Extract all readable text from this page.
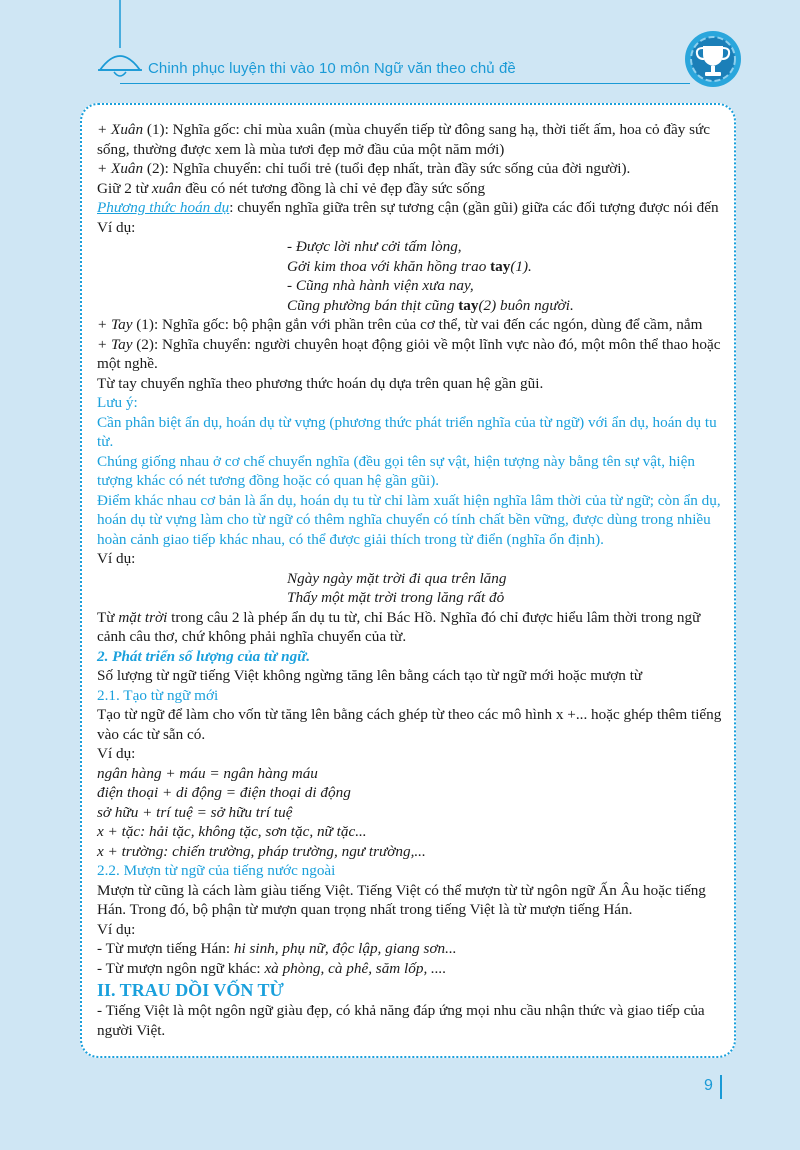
Chinh phục luyện thi vào 10 môn Ngữ văn theo chủ đề

+ Xuân (1): Nghĩa gốc: chỉ mùa xuân (mùa chuyển tiếp từ đông sang hạ, thời tiết ấm, hoa cỏ đầy sức sống, thường được xem là mùa tươi đẹp mở đầu của một năm mới)

+ Xuân (2): Nghĩa chuyển: chỉ tuổi trẻ (tuổi đẹp nhất, tràn đầy sức sống của đời người).

Giữ 2 từ xuân đều có nét tương đồng là chỉ vẻ đẹp đầy sức sống

Phương thức hoán dụ: chuyển nghĩa giữa trên sự tương cận (gần gũi) giữa các đối tượng được nói đến

Ví dụ:

- Được lời như cởi tấm lòng,

Gởi kim thoa với khăn hồng trao tay(1).

- Cũng nhà hành viện xưa nay,

Cũng phường bán thịt cũng tay(2) buôn người.

+ Tay (1): Nghĩa gốc: bộ phận gắn với phần trên của cơ thể, từ vai đến các ngón, dùng để cầm, nắm

+ Tay (2): Nghĩa chuyển: người chuyên hoạt động giỏi về một lĩnh vực nào đó, một môn thể thao hoặc một nghề.

Từ tay chuyển nghĩa theo phương thức hoán dụ dựa trên quan hệ gần gũi.

Lưu ý:

Cần phân biệt ẩn dụ, hoán dụ từ vựng (phương thức phát triển nghĩa của từ ngữ) với ẩn dụ, hoán dụ tu từ.

Chúng giống nhau ở cơ chế chuyển nghĩa (đều gọi tên sự vật, hiện tượng này bằng tên sự vật, hiện tượng khác có nét tương đồng hoặc có quan hệ gần gũi).

Điểm khác nhau cơ bản là ẩn dụ, hoán dụ tu từ chỉ làm xuất hiện nghĩa lâm thời của từ ngữ; còn ẩn dụ, hoán dụ từ vựng làm cho từ ngữ có thêm nghĩa chuyển có tính chất bền vững, được dùng trong nhiều hoàn cảnh giao tiếp khác nhau, có thể được giải thích trong từ điển (nghĩa ổn định).

Ví dụ:

Ngày ngày mặt trời đi qua trên lăng

Thấy một mặt trời trong lăng rất đỏ

Từ mặt trời trong câu 2 là phép ẩn dụ tu từ, chỉ Bác Hồ. Nghĩa đó chỉ được hiểu lâm thời trong ngữ cảnh câu thơ, chứ không phải nghĩa chuyển của từ.

2. Phát triển số lượng của từ ngữ.

Số lượng từ ngữ tiếng Việt không ngừng tăng lên bằng cách tạo từ ngữ mới hoặc mượn từ

2.1. Tạo từ ngữ mới

Tạo từ ngữ để làm cho vốn từ tăng lên bằng cách ghép từ theo các mô hình x +... hoặc ghép thêm tiếng vào các từ sẵn có.

Ví dụ:

ngân hàng + máu = ngân hàng máu

điện thoại + di động = điện thoại di động

sở hữu + trí tuệ = sở hữu trí tuệ

x + tặc: hải tặc, không tặc, sơn tặc, nữ tặc...

x + trường: chiến trường, pháp trường, ngư trường,...

2.2. Mượn từ ngữ của tiếng nước ngoài

Mượn từ cũng là cách làm giàu tiếng Việt. Tiếng Việt có thể mượn từ từ ngôn ngữ Ấn Âu hoặc tiếng Hán. Trong đó, bộ phận từ mượn quan trọng nhất trong tiếng Việt là từ mượn tiếng Hán.

Ví dụ:

- Từ mượn tiếng Hán: hi sinh, phụ nữ, độc lập, giang sơn...

- Từ mượn ngôn ngữ khác: xà phòng, cà phê, săm lốp, ....

II. TRAU DỒI VỐN TỪ

- Tiếng Việt là một ngôn ngữ giàu đẹp, có khả năng đáp ứng mọi nhu cầu nhận thức và giao tiếp của người Việt.

9
